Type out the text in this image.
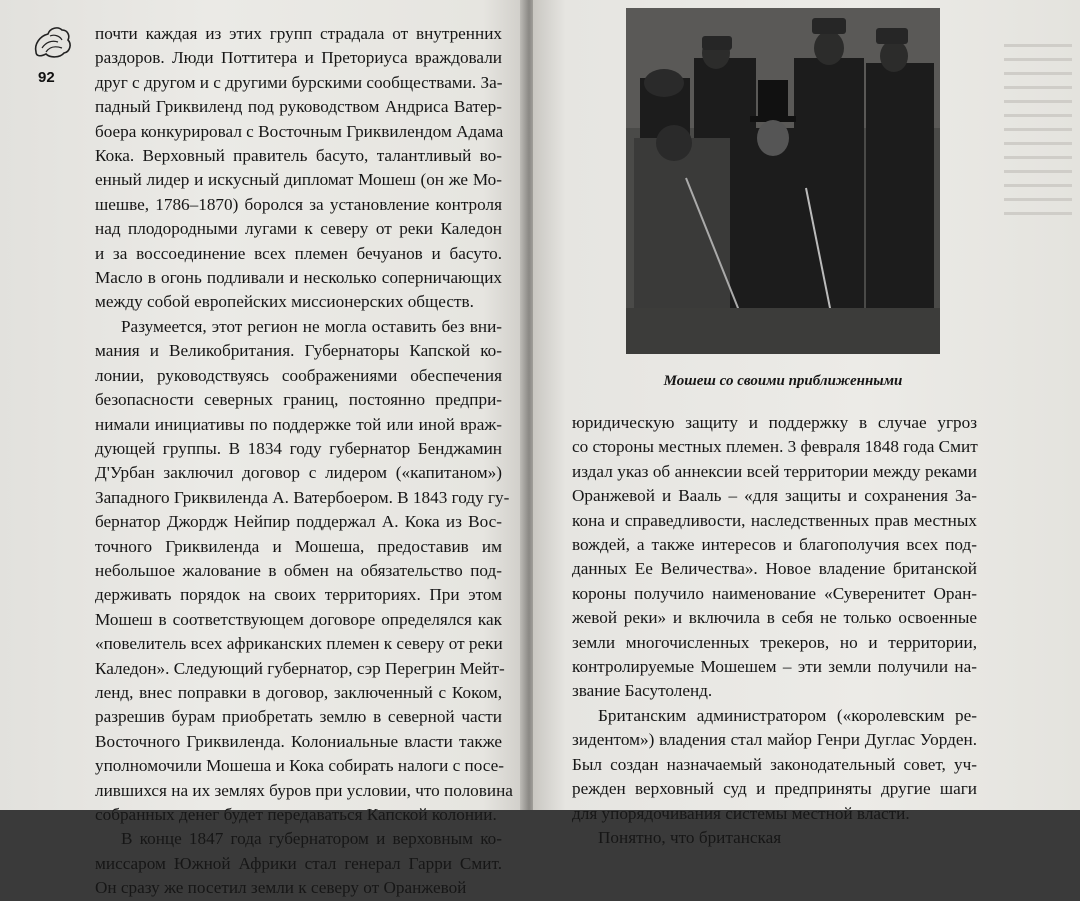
92
почти каждая из этих групп страдала от внутренних
раздоров. Люди Поттитера и Преториуса враждовали
друг с другом и с другими бурскими сообществами. За-
падный Гриквиленд под руководством Андриса Ватер-
боера конкурировал с Восточным Гриквилендом Адама
Кока. Верховный правитель басуто, талантливый во-
енный лидер и искусный дипломат Мошеш (он же Мо-
шешве, 1786–1870) боролся за установление контроля
над плодородными лугами к северу от реки Каледон
и за воссоединение всех племен бечуанов и басуто.
Масло в огонь подливали и несколько соперничающих
между собой европейских миссионерских обществ.
Разумеется, этот регион не могла оставить без вни-
мания и Великобритания. Губернаторы Капской ко-
лонии, руководствуясь соображениями обеспечения
безопасности северных границ, постоянно предпри-
нимали инициативы по поддержке той или иной враж-
дующей группы. В 1834 году губернатор Бенджамин
Д'Урбан заключил договор с лидером («капитаном»)
Западного Гриквиленда А. Ватербоером. В 1843 году гу-
бернатор Джордж Нейпир поддержал А. Кока из Вос-
точного Гриквиленда и Мошеша, предоставив им
небольшое жалование в обмен на обязательство под-
держивать порядок на своих территориях. При этом
Мошеш в соответствующем договоре определялся как
«повелитель всех африканских племен к северу от реки
Каледон». Следующий губернатор, сэр Перегрин Мейт-
ленд, внес поправки в договор, заключенный с Коком,
разрешив бурам приобретать землю в северной части
Восточного Гриквиленда. Колониальные власти также
уполномочили Мошеша и Кока собирать налоги с посе-
лившихся на их землях буров при условии, что половина
собранных денег будет передаваться Капской колонии.
В конце 1847 года губернатором и верховным ко-
миссаром Южной Африки стал генерал Гарри Смит.
Он сразу же посетил земли к северу от Оранжевой
Мошеш со своими приближенными
юридическую защиту и поддержку в случае угроз
со стороны местных племен. 3 февраля 1848 года Смит
издал указ об аннексии всей территории между реками
Оранжевой и Вааль – «для защиты и сохранения За-
кона и справедливости, наследственных прав местных
вождей, а также интересов и благополучия всех под-
данных Ее Величества». Новое владение британской
короны получило наименование «Суверенитет Оран-
жевой реки» и включила в себя не только освоенные
земли многочисленных трекеров, но и территории,
контролируемые Мошешем – эти земли получили на-
звание Басутоленд.
Британским администратором («королевским ре-
зидентом») владения стал майор Генри Дуглас Уорден.
Был создан назначаемый законодательный совет, уч-
режден верховный суд и предприняты другие шаги
для упорядочивания системы местной власти.
Понятно, что британская
